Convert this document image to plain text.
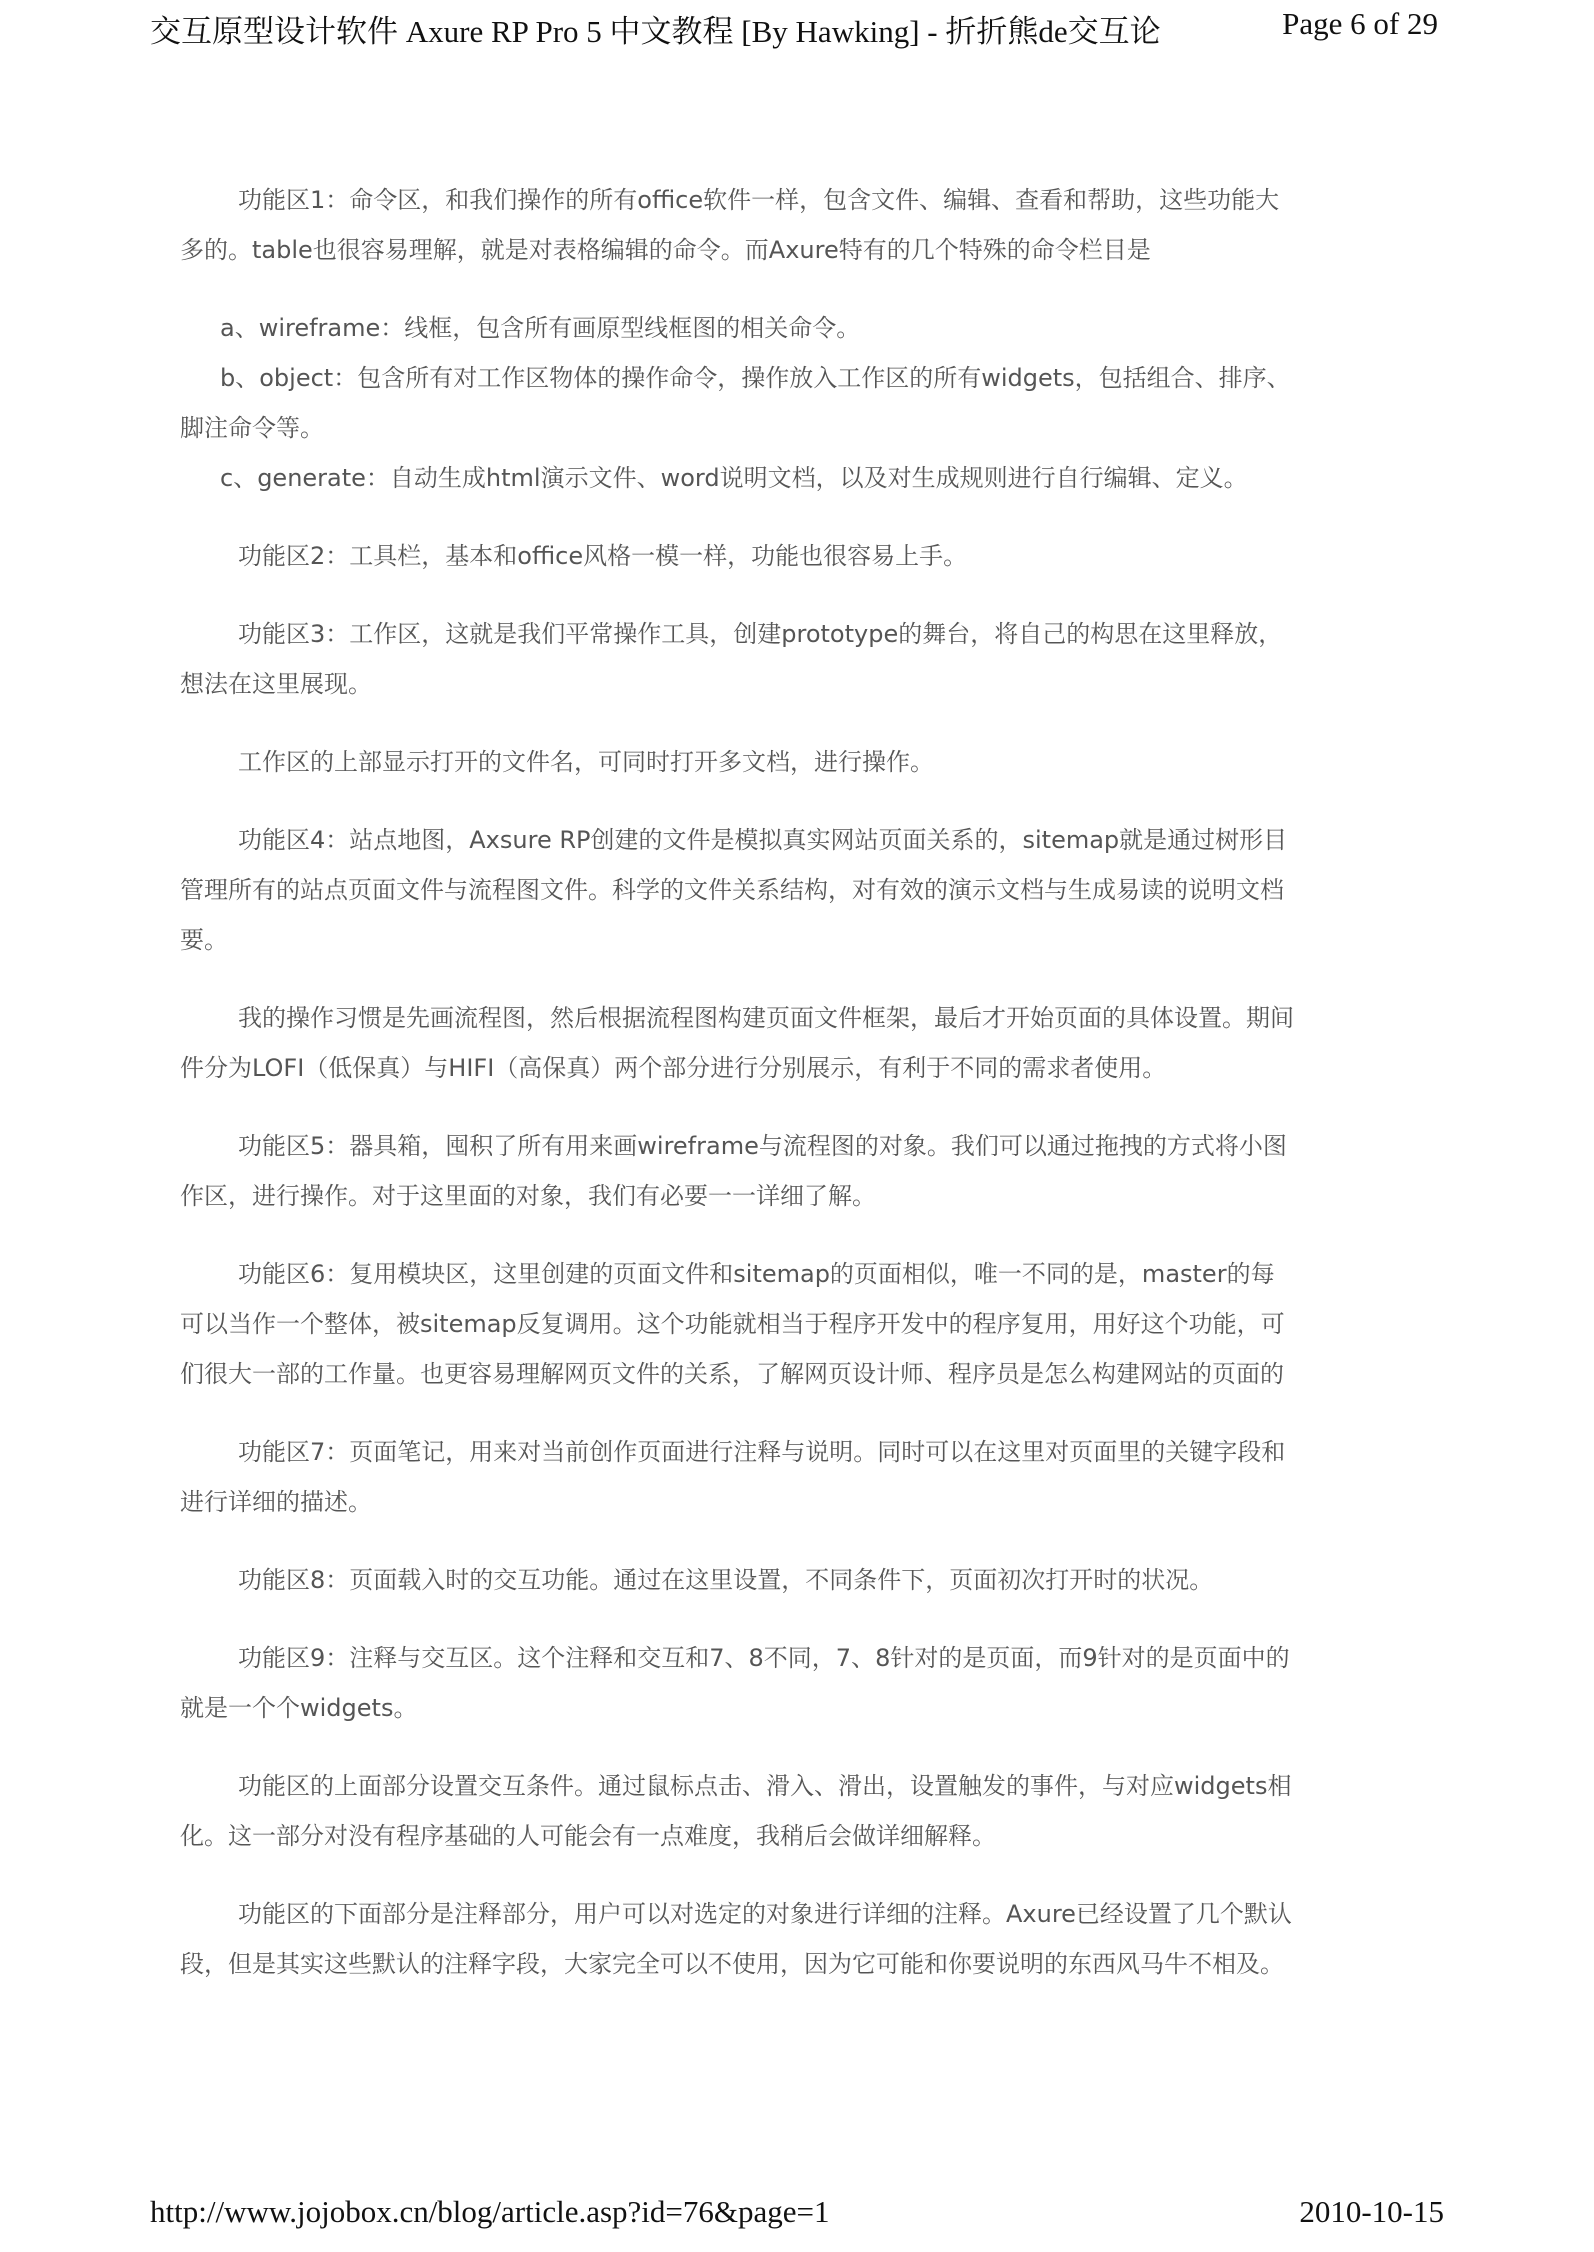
交互原型设计软件 Axure RP Pro 5 中文教程 [By Hawking] - 折折熊de交互论	Page 6 of 29
功能区1：命令区，和我们操作的所有office软件一样，包含文件、编辑、查看和帮助，这些功能大
多的。table也很容易理解，就是对表格编辑的命令。而Axure特有的几个特殊的命令栏目是
a、wireframe：线框，包含所有画原型线框图的相关命令。
b、object：包含所有对工作区物体的操作命令，操作放入工作区的所有widgets，包括组合、排序、
脚注命令等。
c、generate：自动生成html演示文件、word说明文档，以及对生成规则进行自行编辑、定义。
功能区2：工具栏，基本和office风格一模一样，功能也很容易上手。
功能区3：工作区，这就是我们平常操作工具，创建prototype的舞台，将自己的构思在这里释放，
想法在这里展现。
工作区的上部显示打开的文件名，可同时打开多文档，进行操作。
功能区4：站点地图，Axsure RP创建的文件是模拟真实网站页面关系的，sitemap就是通过树形目
管理所有的站点页面文件与流程图文件。科学的文件关系结构，对有效的演示文档与生成易读的说明文档
要。
我的操作习惯是先画流程图，然后根据流程图构建页面文件框架，最后才开始页面的具体设置。期间
件分为LOFI（低保真）与HIFI（高保真）两个部分进行分别展示，有利于不同的需求者使用。
功能区5：器具箱，囤积了所有用来画wireframe与流程图的对象。我们可以通过拖拽的方式将小图
作区，进行操作。对于这里面的对象，我们有必要一一详细了解。
功能区6：复用模块区，这里创建的页面文件和sitemap的页面相似，唯一不同的是，master的每
可以当作一个整体，被sitemap反复调用。这个功能就相当于程序开发中的程序复用，用好这个功能，可
们很大一部的工作量。也更容易理解网页文件的关系，了解网页设计师、程序员是怎么构建网站的页面的
功能区7：页面笔记，用来对当前创作页面进行注释与说明。同时可以在这里对页面里的关键字段和
进行详细的描述。
功能区8：页面载入时的交互功能。通过在这里设置，不同条件下，页面初次打开时的状况。
功能区9：注释与交互区。这个注释和交互和7、8不同，7、8针对的是页面，而9针对的是页面中的
就是一个个widgets。
功能区的上面部分设置交互条件。通过鼠标点击、滑入、滑出，设置触发的事件，与对应widgets相
化。这一部分对没有程序基础的人可能会有一点难度，我稍后会做详细解释。
功能区的下面部分是注释部分，用户可以对选定的对象进行详细的注释。Axure已经设置了几个默认
段，但是其实这些默认的注释字段，大家完全可以不使用，因为它可能和你要说明的东西风马牛不相及。
http://www.jojobox.cn/blog/article.asp?id=76&page=1	2010-10-15
